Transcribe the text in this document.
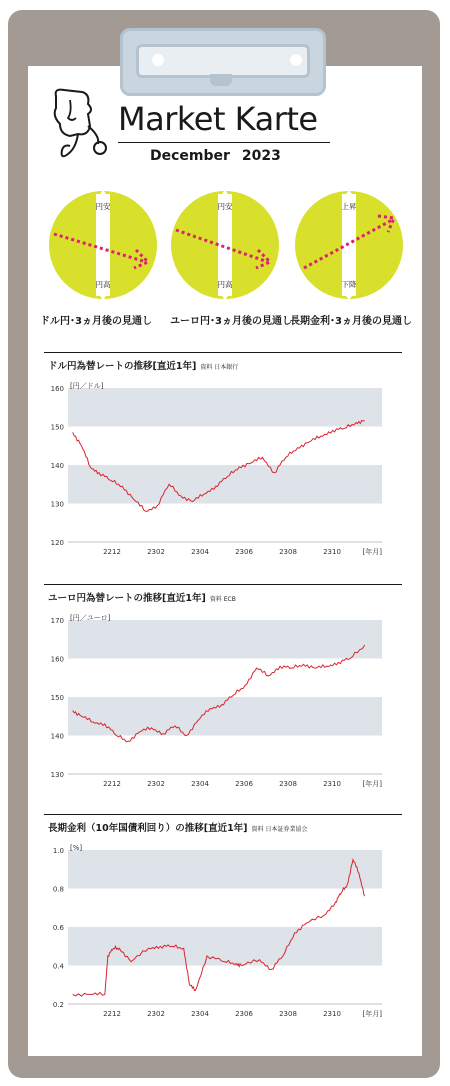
Market Karte
December 2023
円安
円高
円安
円高
上昇
下降
ドル円･3ヵ月後の見通し ユーロ円･3ヵ月後の見通し
長期金利･3ヵ月後の見通し
ドル円為替レートの推移[直近1年] 資料 日本銀行
[円／ドル]
160
150
140
130
120
2212	2302	2304	2306	2308	2310	[年月]
ユーロ円為替レートの推移[直近1年] 資料 ECB
[円／ユーロ]
170
160
150
140
130
2212	2302	2304	2306	2308	2310	[年月]
長期金利（10年国債利回り）の推移[直近1年] 資料 日本証券業協会
[%]
1.0
0.8
0.6
0.4
0.2
2212	2302	2304	2306	2308	2310	[年月]
